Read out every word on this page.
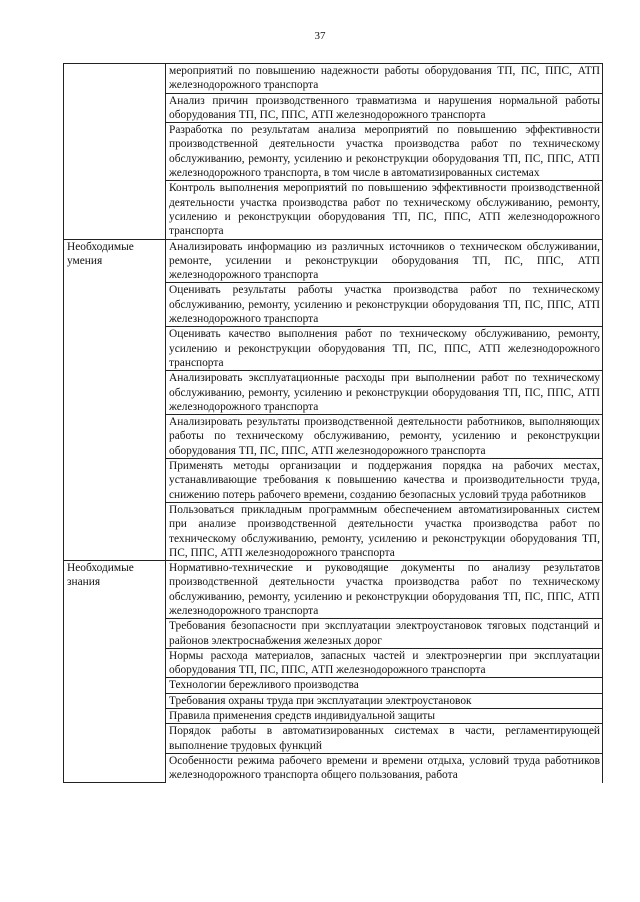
37
	мероприятий по повышению надежности работы оборудования ТП, ПС, ППС, АТП железнодорожного транспорта
	Анализ причин производственного травматизма и нарушения нормальной работы оборудования ТП, ПС, ППС, АТП железнодорожного транспорта
	Разработка по результатам анализа мероприятий по повышению эффективности производственной деятельности участка производства работ по техническому обслуживанию, ремонту, усилению и реконструкции оборудования ТП, ПС, ППС, АТП железнодорожного транспорта, в том числе в автоматизированных системах
	Контроль выполнения мероприятий по повышению эффективности производственной деятельности участка производства работ по техническому обслуживанию, ремонту, усилению и реконструкции оборудования ТП, ПС, ППС, АТП железнодорожного транспорта
Необходимые умения	Анализировать информацию из различных источников о техническом обслуживании, ремонте, усилении и реконструкции оборудования ТП, ПС, ППС, АТП железнодорожного транспорта
	Оценивать результаты работы участка производства работ по техническому обслуживанию, ремонту, усилению и реконструкции оборудования ТП, ПС, ППС, АТП железнодорожного транспорта
	Оценивать качество выполнения работ по техническому обслуживанию, ремонту, усилению и реконструкции оборудования ТП, ПС, ППС, АТП железнодорожного транспорта
	Анализировать эксплуатационные расходы при выполнении работ по техническому обслуживанию, ремонту, усилению и реконструкции оборудования ТП, ПС, ППС, АТП железнодорожного транспорта
	Анализировать результаты производственной деятельности работников, выполняющих работы по техническому обслуживанию, ремонту, усилению и реконструкции оборудования ТП, ПС, ППС, АТП железнодорожного транспорта
	Применять методы организации и поддержания порядка на рабочих местах, устанавливающие требования к повышению качества и производительности труда, снижению потерь рабочего времени, созданию безопасных условий труда работников
	Пользоваться прикладным программным обеспечением автоматизированных систем при анализе производственной деятельности участка производства работ по техническому обслуживанию, ремонту, усилению и реконструкции оборудования ТП, ПС, ППС, АТП железнодорожного транспорта
Необходимые знания	Нормативно-технические и руководящие документы по анализу результатов производственной деятельности участка производства работ по техническому обслуживанию, ремонту, усилению и реконструкции оборудования ТП, ПС, ППС, АТП железнодорожного транспорта
	Требования безопасности при эксплуатации электроустановок тяговых подстанций и районов электроснабжения железных дорог
	Нормы расхода материалов, запасных частей и электроэнергии при эксплуатации оборудования ТП, ПС, ППС, АТП железнодорожного транспорта
	Технологии бережливого производства
	Требования охраны труда при эксплуатации электроустановок
	Правила применения средств индивидуальной защиты
	Порядок работы в автоматизированных системах в части, регламентирующей выполнение трудовых функций
	Особенности режима рабочего времени и времени отдыха, условий труда работников железнодорожного транспорта общего пользования, работа
